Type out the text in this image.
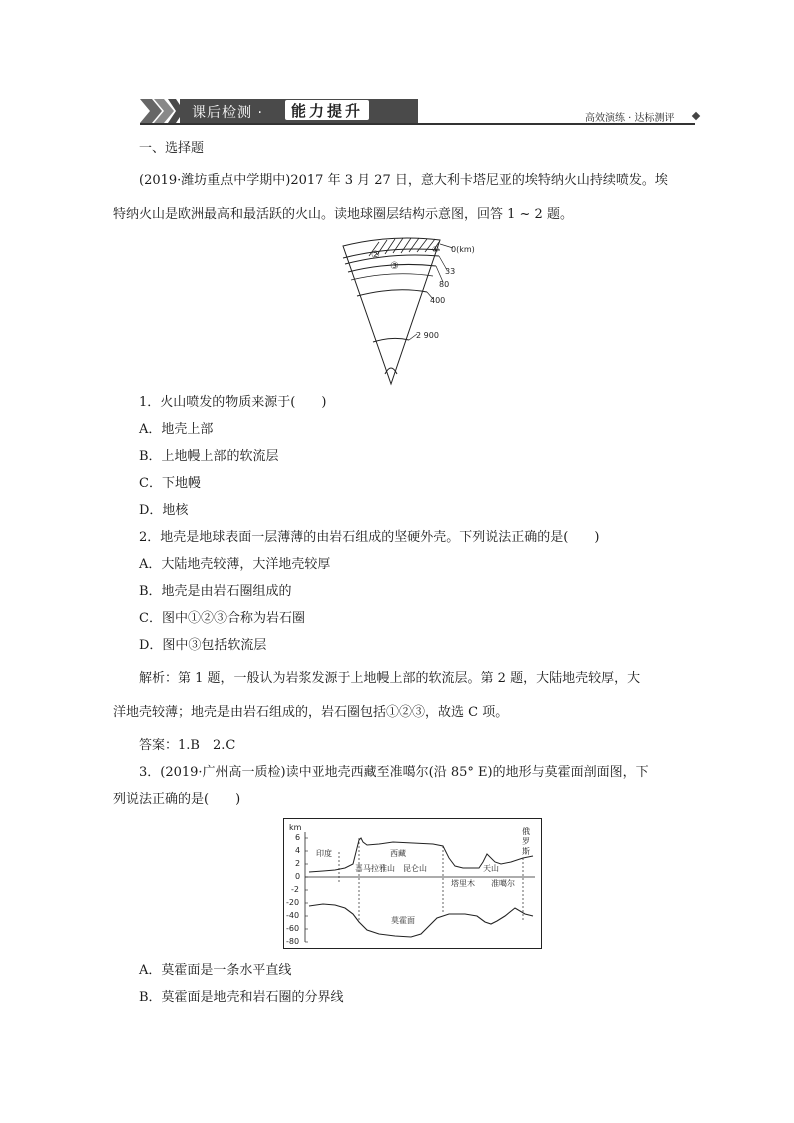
课后检测 ·	能力提升	高效演练 · 达标测评
一、选择题
(2019·潍坊重点中学期中)2017 年 3 月 27 日，意大利卡塔尼亚的埃特纳火山持续喷发。埃
特纳火山是欧洲最高和最活跃的火山。读地球圈层结构示意图，回答 1 ~ 2 题。
①
②
③
0(km)
33
80
400
2 900
1．火山喷发的物质来源于(　　)
A．地壳上部
B．上地幔上部的软流层
C．下地幔
D．地核
2．地壳是地球表面一层薄薄的由岩石组成的坚硬外壳。下列说法正确的是(　　)
A．大陆地壳较薄，大洋地壳较厚
B．地壳是由岩石圈组成的
C．图中①②③合称为岩石圈
D．图中③包括软流层
解析：第 1 题，一般认为岩浆发源于上地幔上部的软流层。第 2 题，大陆地壳较厚，大
洋地壳较薄；地壳是由岩石组成的，岩石圈包括①②③，故选 C 项。
答案：1.B　2.C
3．(2019·广州高一质检)读中亚地壳西藏至准噶尔(沿 85° E)的地形与莫霍面剖面图，下
列说法正确的是(　　)
km
6
4
2
0
-2
-20
-40
-60
-80
印度	西藏
俄
罗
斯
喜马拉雅山 昆仑山	天山
塔里木 准噶尔
莫霍面
A．莫霍面是一条水平直线
B．莫霍面是地壳和岩石圈的分界线
